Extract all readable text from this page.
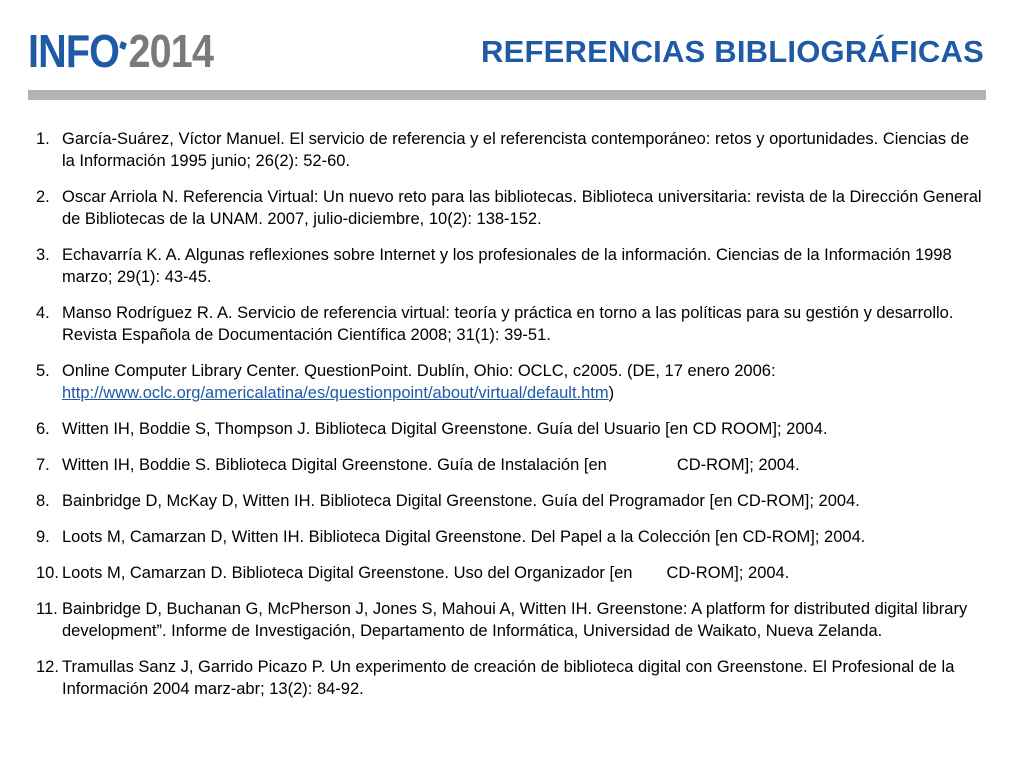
INFO 2014	REFERENCIAS BIBLIOGRÁFICAS
1. García-Suárez, Víctor Manuel. El servicio de referencia y el referencista contemporáneo: retos y oportunidades. Ciencias de la Información 1995 junio; 26(2): 52-60.
2. Oscar Arriola N. Referencia Virtual: Un nuevo reto para las bibliotecas. Biblioteca universitaria: revista de la Dirección General de Bibliotecas de la UNAM. 2007, julio-diciembre, 10(2): 138-152.
3. Echavarría K. A. Algunas reflexiones sobre Internet y los profesionales de la información. Ciencias de la Información 1998 marzo; 29(1): 43-45.
4. Manso Rodríguez R. A. Servicio de referencia virtual: teoría y práctica en torno a las políticas para su gestión y desarrollo. Revista Española de Documentación Científica 2008; 31(1): 39-51.
5. Online Computer Library Center. QuestionPoint. Dublín, Ohio: OCLC, c2005. (DE, 17 enero 2006: http://www.oclc.org/americalatina/es/questionpoint/about/virtual/default.htm)
6. Witten IH, Boddie S, Thompson J. Biblioteca Digital Greenstone. Guía del Usuario [en CD ROOM]; 2004.
7. Witten IH, Boddie S. Biblioteca Digital Greenstone. Guía de Instalación [en	CD-ROM]; 2004.
8. Bainbridge D, McKay D, Witten IH. Biblioteca Digital Greenstone. Guía del Programador [en CD-ROM]; 2004.
9. Loots M, Camarzan D, Witten IH. Biblioteca Digital Greenstone. Del Papel a la Colección [en CD-ROM]; 2004.
10. Loots M, Camarzan D. Biblioteca Digital Greenstone. Uso del Organizador [en CD-ROM]; 2004.
11. Bainbridge D, Buchanan G, McPherson J, Jones S, Mahoui A, Witten IH. Greenstone: A platform for distributed digital library development”. Informe de Investigación, Departamento de Informática, Universidad de Waikato, Nueva Zelanda.
12. Tramullas Sanz J, Garrido Picazo P. Un experimento de creación de biblioteca digital con Greenstone. El Profesional de la Información 2004 marz-abr; 13(2): 84-92.
